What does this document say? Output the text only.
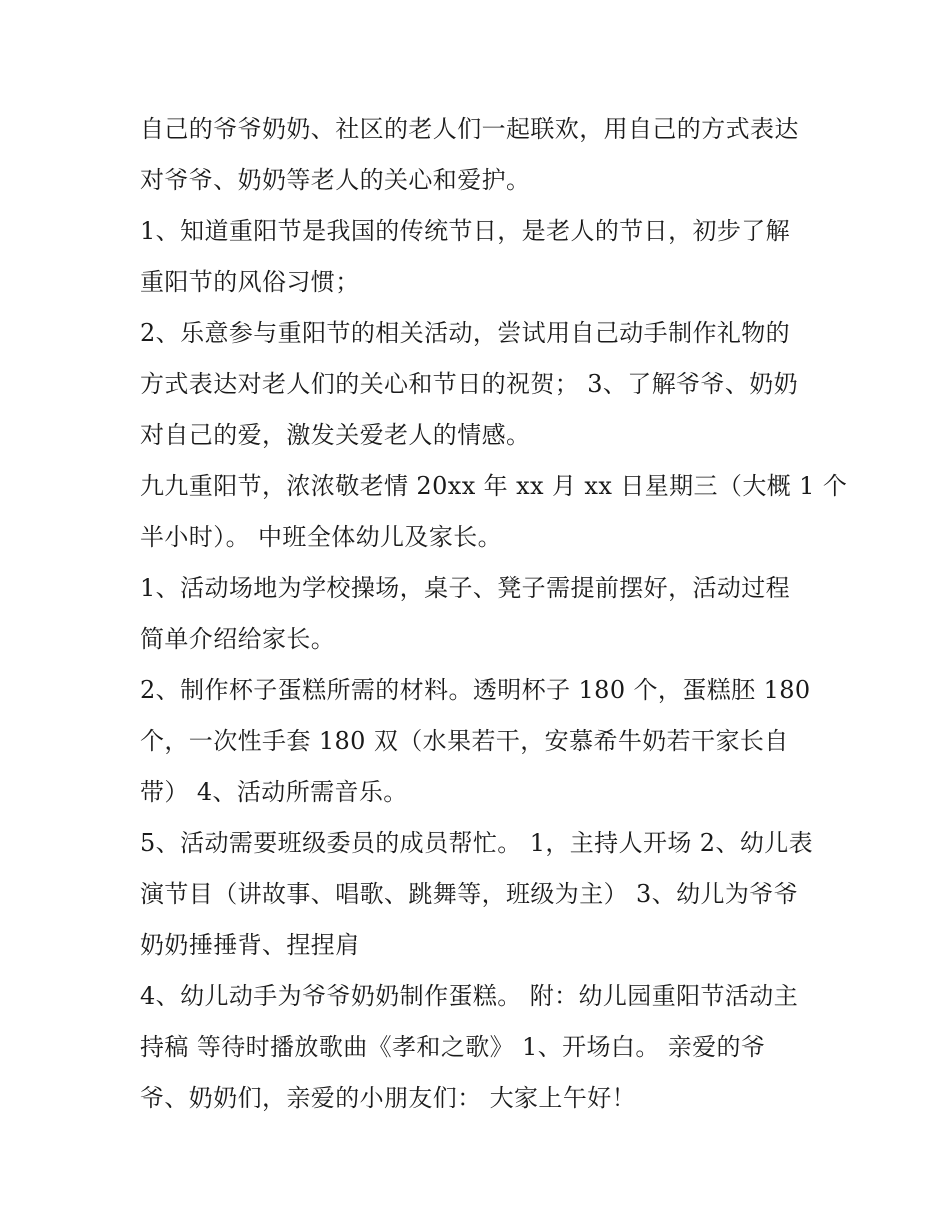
自己的爷爷奶奶、社区的老人们一起联欢，用自己的方式表达
对爷爷、奶奶等老人的关心和爱护。
1、知道重阳节是我国的传统节日，是老人的节日，初步了解
重阳节的风俗习惯；
2、乐意参与重阳节的相关活动，尝试用自己动手制作礼物的
方式表达对老人们的关心和节日的祝贺； 3、了解爷爷、奶奶
对自己的爱，激发关爱老人的情感。
九九重阳节，浓浓敬老情 20xx 年 xx 月 xx 日星期三（大概 1 个
半小时）。 中班全体幼儿及家长。
1、活动场地为学校操场，桌子、凳子需提前摆好，活动过程
简单介绍给家长。
2、制作杯子蛋糕所需的材料。透明杯子 180 个，蛋糕胚 180
个，一次性手套 180 双（水果若干，安慕希牛奶若干家长自
带） 4、活动所需音乐。
5、活动需要班级委员的成员帮忙。 1，主持人开场 2、幼儿表
演节目（讲故事、唱歌、跳舞等，班级为主） 3、幼儿为爷爷
奶奶捶捶背、捏捏肩
4、幼儿动手为爷爷奶奶制作蛋糕。 附：幼儿园重阳节活动主
持稿 等待时播放歌曲《孝和之歌》 1、开场白。 亲爱的爷
爷、奶奶们，亲爱的小朋友们： 大家上午好！
